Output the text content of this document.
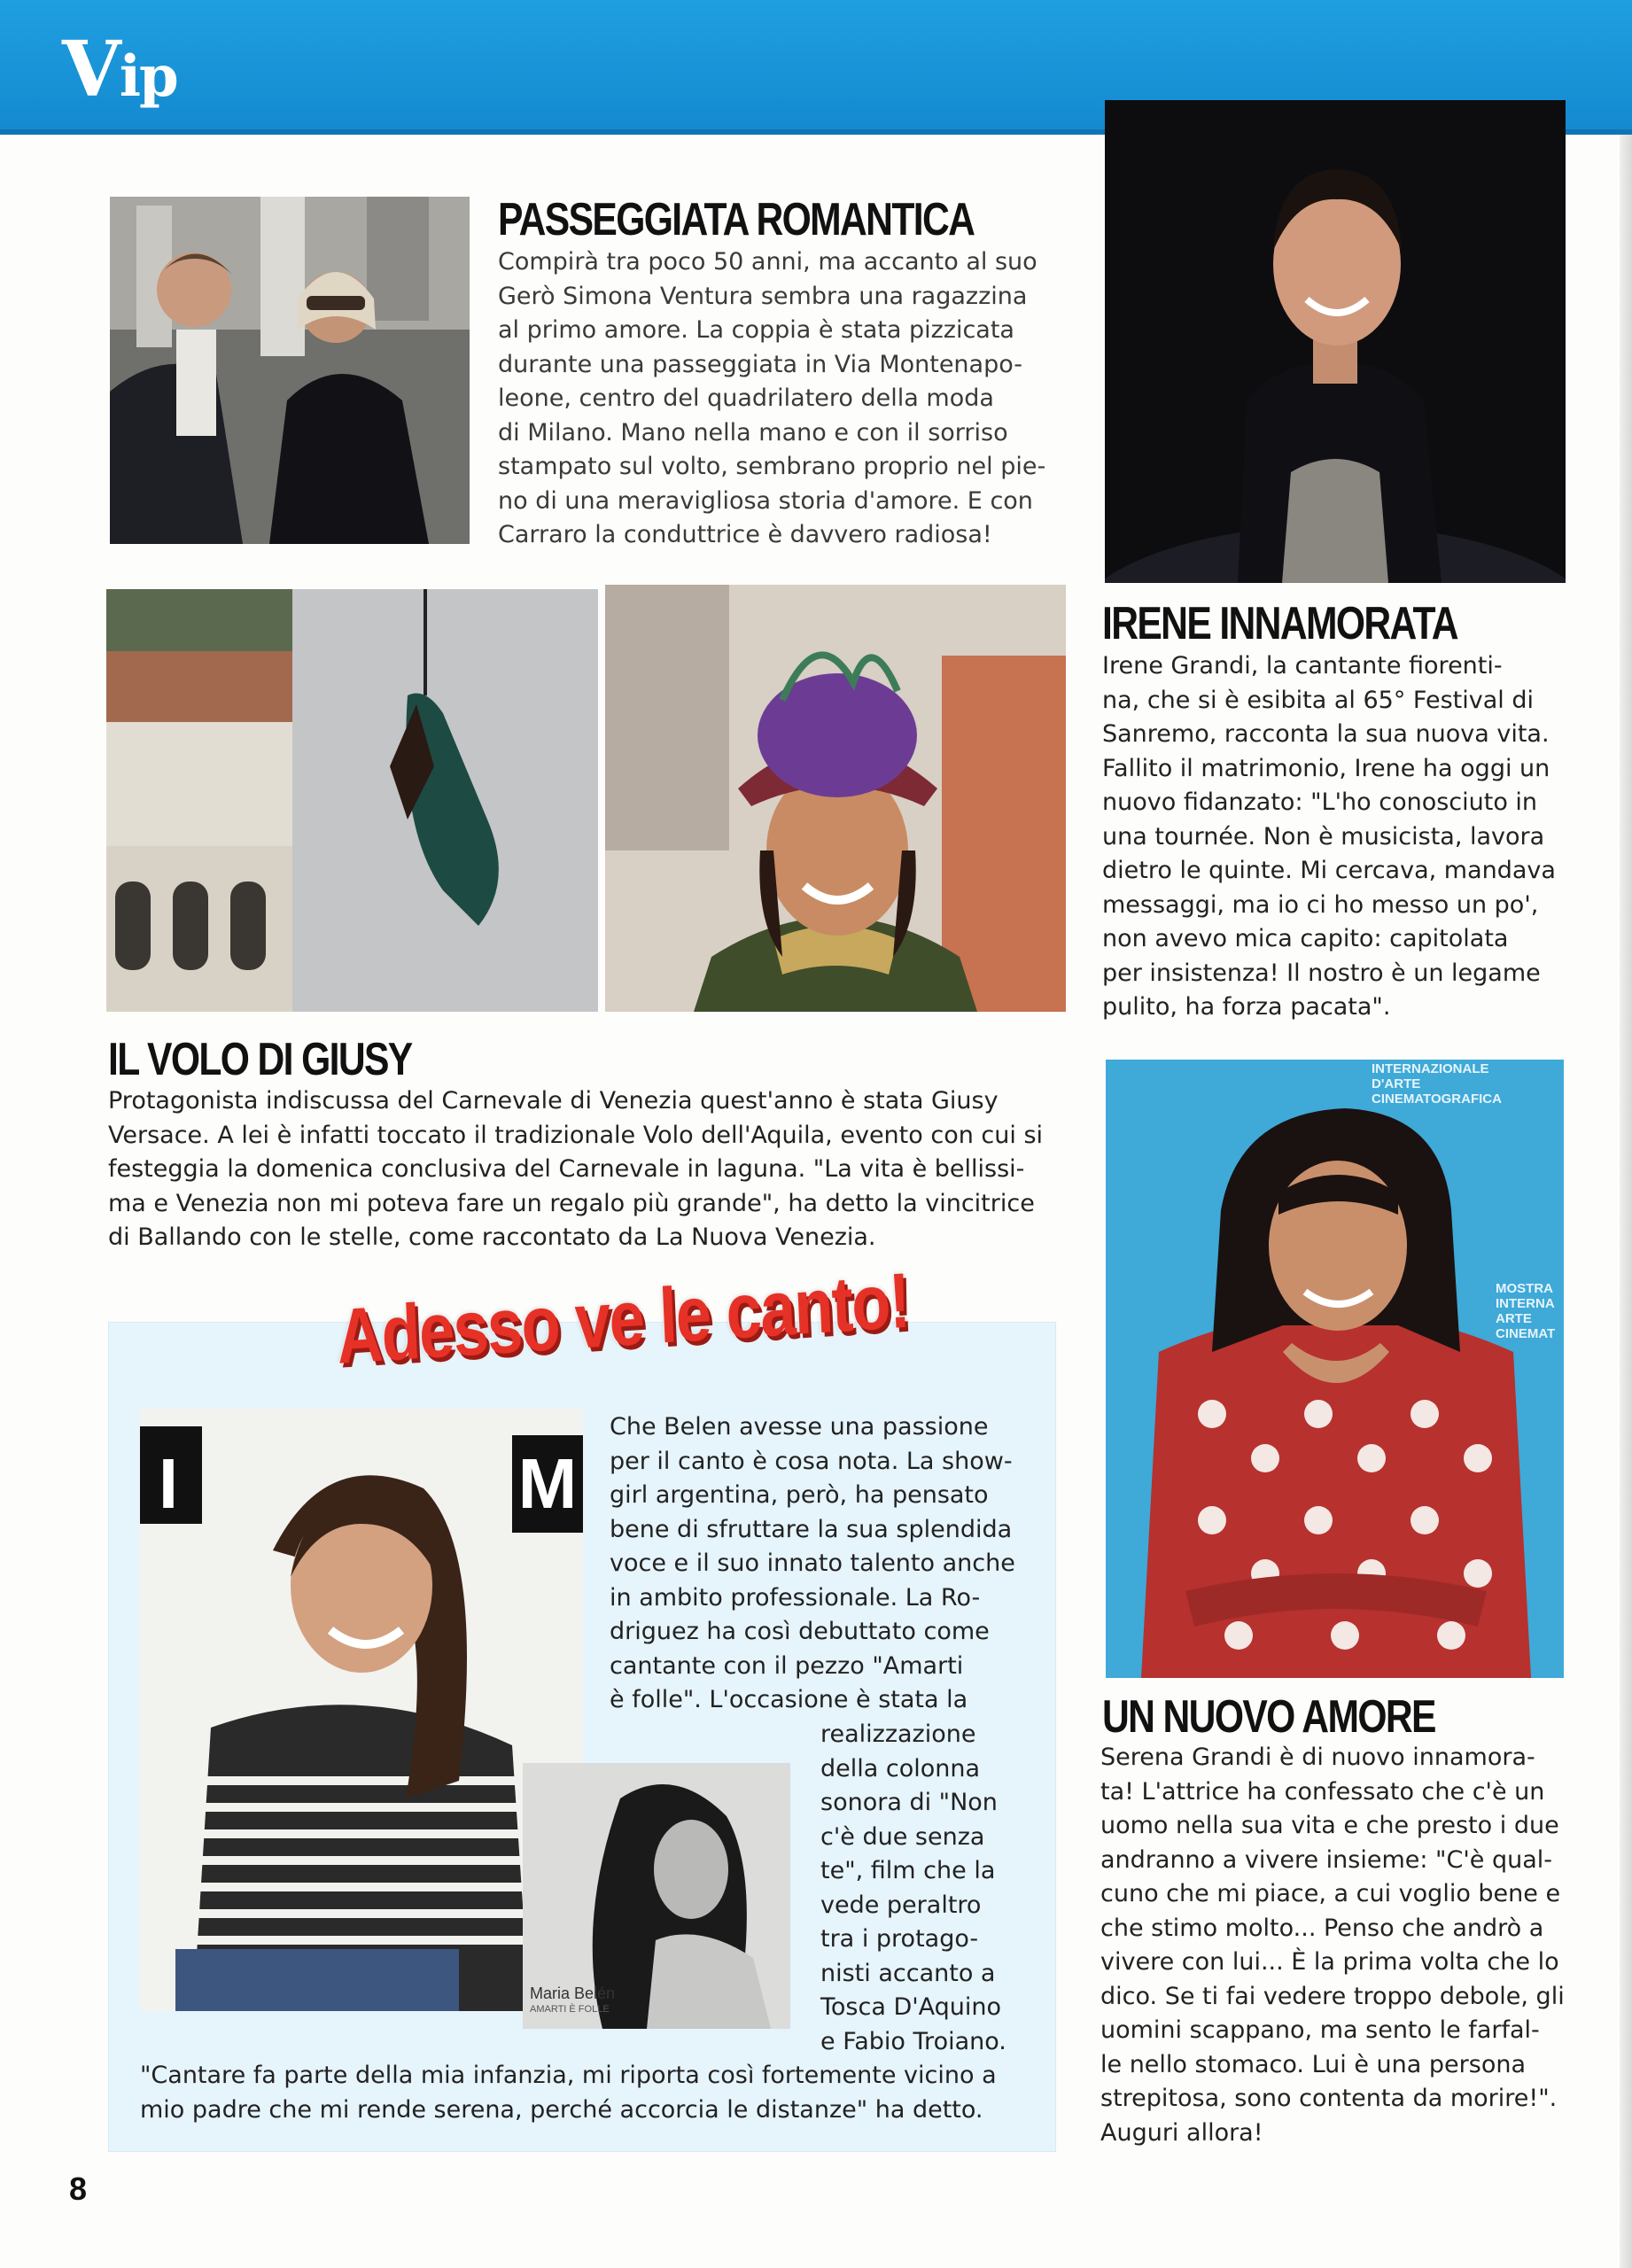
Vip
PASSEGGIATA ROMANTICA
Compirà tra poco 50 anni, ma accanto al suo
Gerò Simona Ventura sembra una ragazzina
al primo amore. La coppia è stata pizzicata
durante una passeggiata in Via Montenapo-
leone, centro del quadrilatero della moda
di Milano. Mano nella mano e con il sorriso
stampato sul volto, sembrano proprio nel pie-
no di una meravigliosa storia d'amore. E con
Carraro la conduttrice è davvero radiosa!
IRENE INNAMORATA
Irene Grandi, la cantante fiorenti-
na, che si è esibita al 65° Festival di
Sanremo, racconta la sua nuova vita.
Fallito il matrimonio, Irene ha oggi un
nuovo fidanzato: "L'ho conosciuto in
una tournée. Non è musicista, lavora
dietro le quinte. Mi cercava, mandava
messaggi, ma io ci ho messo un po',
non avevo mica capito: capitolata
per insistenza! Il nostro è un legame
pulito, ha forza pacata".
IL VOLO DI GIUSY
Protagonista indiscussa del Carnevale di Venezia quest'anno è stata Giusy
Versace. A lei è infatti toccato il tradizionale Volo dell'Aquila, evento con cui si
festeggia la domenica conclusiva del Carnevale in laguna. "La vita è bellissi-
ma e Venezia non mi poteva fare un regalo più grande", ha detto la vincitrice
di Ballando con le stelle, come raccontato da La Nuova Venezia.
Adesso ve le canto!
M
I
Maria Belén
AMARTI È FOLLE
Che Belen avesse una passione
per il canto è cosa nota. La show-
girl argentina, però, ha pensato
bene di sfruttare la sua splendida
voce e il suo innato talento anche
in ambito professionale. La Ro-
driguez ha così debuttato come
cantante con il pezzo "Amarti
è folle". L'occasione è stata la
realizzazione
della colonna
sonora di "Non
c'è due senza
te", film che la
vede peraltro
tra i protago-
nisti accanto a
Tosca D'Aquino
e Fabio Troiano.
"Cantare fa parte della mia infanzia, mi riporta così fortemente vicino a
mio padre che mi rende serena, perché accorcia le distanze" ha detto.
INTERNAZIONALE
D'ARTE
CINEMATOGRAFICA
MOSTRA
INTERNA
ARTE
CINEMAT
UN NUOVO AMORE
Serena Grandi è di nuovo innamora-
ta! L'attrice ha confessato che c'è un
uomo nella sua vita e che presto i due
andranno a vivere insieme: "C'è qual-
cuno che mi piace, a cui voglio bene e
che stimo molto... Penso che andrò a
vivere con lui... È la prima volta che lo
dico. Se ti fai vedere troppo debole, gli
uomini scappano, ma sento le farfal-
le nello stomaco. Lui è una persona
strepitosa, sono contenta da morire!".
Auguri allora!
8
